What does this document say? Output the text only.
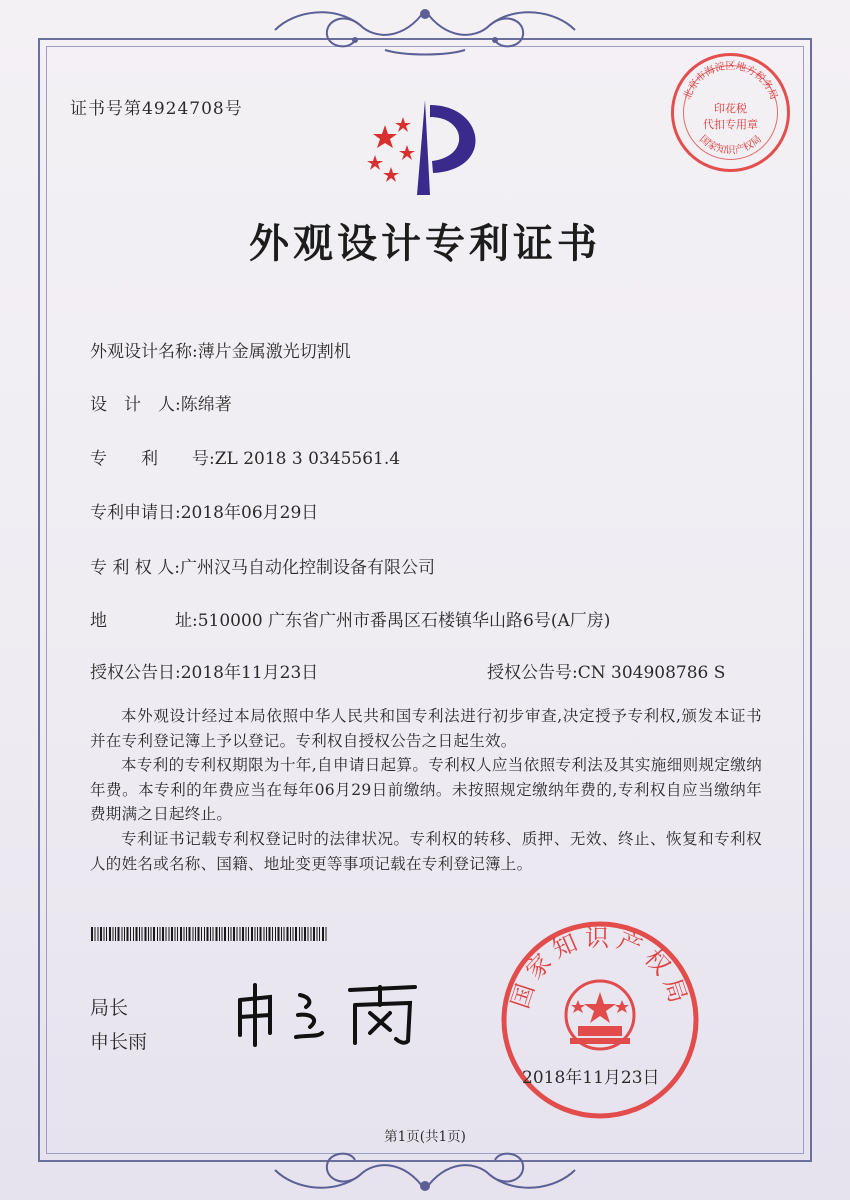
证书号第4924708号
外观设计专利证书
外观设计名称:薄片金属激光切割机
设　计　人:陈绵著
专　　利　　号:ZL 2018 3 0345561.4
专利申请日:2018年06月29日
专 利 权 人:广州汉马自动化控制设备有限公司
地　　　　址:510000 广东省广州市番禺区石楼镇华山路6号(A厂房)
授权公告日:2018年11月23日	授权公告号:CN 304908786 S
本外观设计经过本局依照中华人民共和国专利法进行初步审查,决定授予专利权,颁发本证书并在专利登记簿上予以登记。专利权自授权公告之日起生效。
本专利的专利权期限为十年,自申请日起算。专利权人应当依照专利法及其实施细则规定缴纳年费。本专利的年费应当在每年06月29日前缴纳。未按照规定缴纳年费的,专利权自应当缴纳年费期满之日起终止。
专利证书记载专利权登记时的法律状况。专利权的转移、质押、无效、终止、恢复和专利权人的姓名或名称、国籍、地址变更等事项记载在专利登记簿上。
局长
申长雨
国家知识产权局
2018年11月23日
北京市海淀区地方税务局
印花税
代扣专用章
国家知识产权局
第1页(共1页)
